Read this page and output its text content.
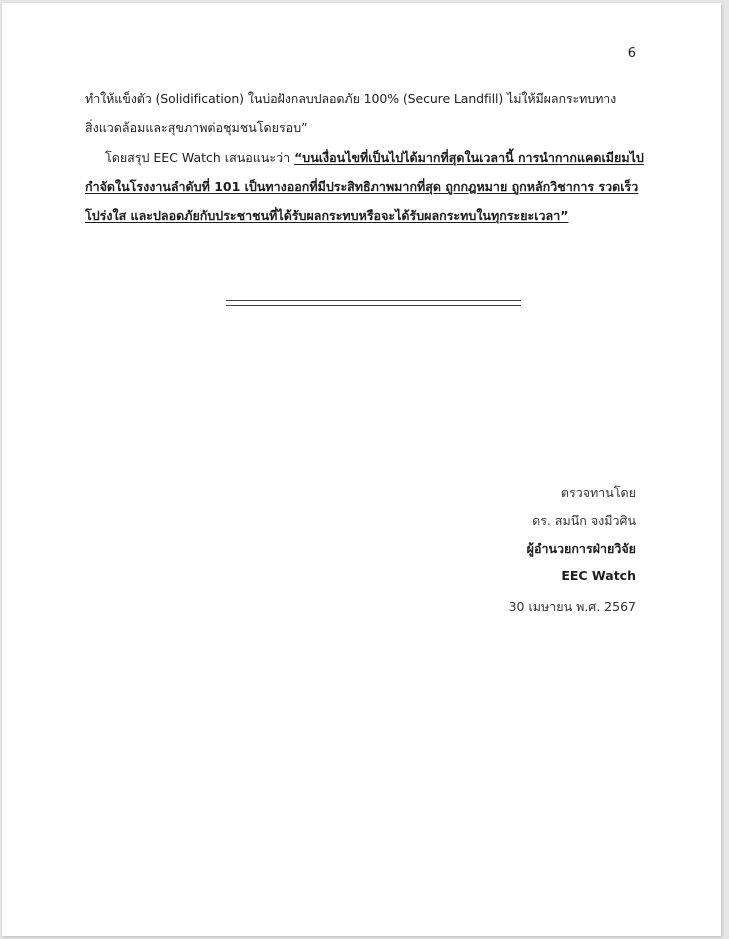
6
ทำให้แข็งตัว (Solidification) ในบ่อฝังกลบปลอดภัย 100% (Secure Landfill) ไม่ให้มีผลกระทบทาง
สิ่งแวดล้อมและสุขภาพต่อชุมชนโดยรอบ”
โดยสรุป EEC Watch เสนอแนะว่า “บนเงื่อนไขที่เป็นไปได้มากที่สุดในเวลานี้ การนำกากแคดเมียมไป
กำจัดในโรงงานลำดับที่ 101 เป็นทางออกที่มีประสิทธิภาพมากที่สุด ถูกกฎหมาย ถูกหลักวิชาการ รวดเร็ว
โปร่งใส และปลอดภัยกับประชาชนที่ได้รับผลกระทบหรือจะได้รับผลกระทบในทุกระยะเวลา”
ตรวจทานโดย
ดร. สมนึก จงมีวศิน
ผู้อำนวยการฝ่ายวิจัย
EEC Watch
30 เมษายน พ.ศ. 2567
